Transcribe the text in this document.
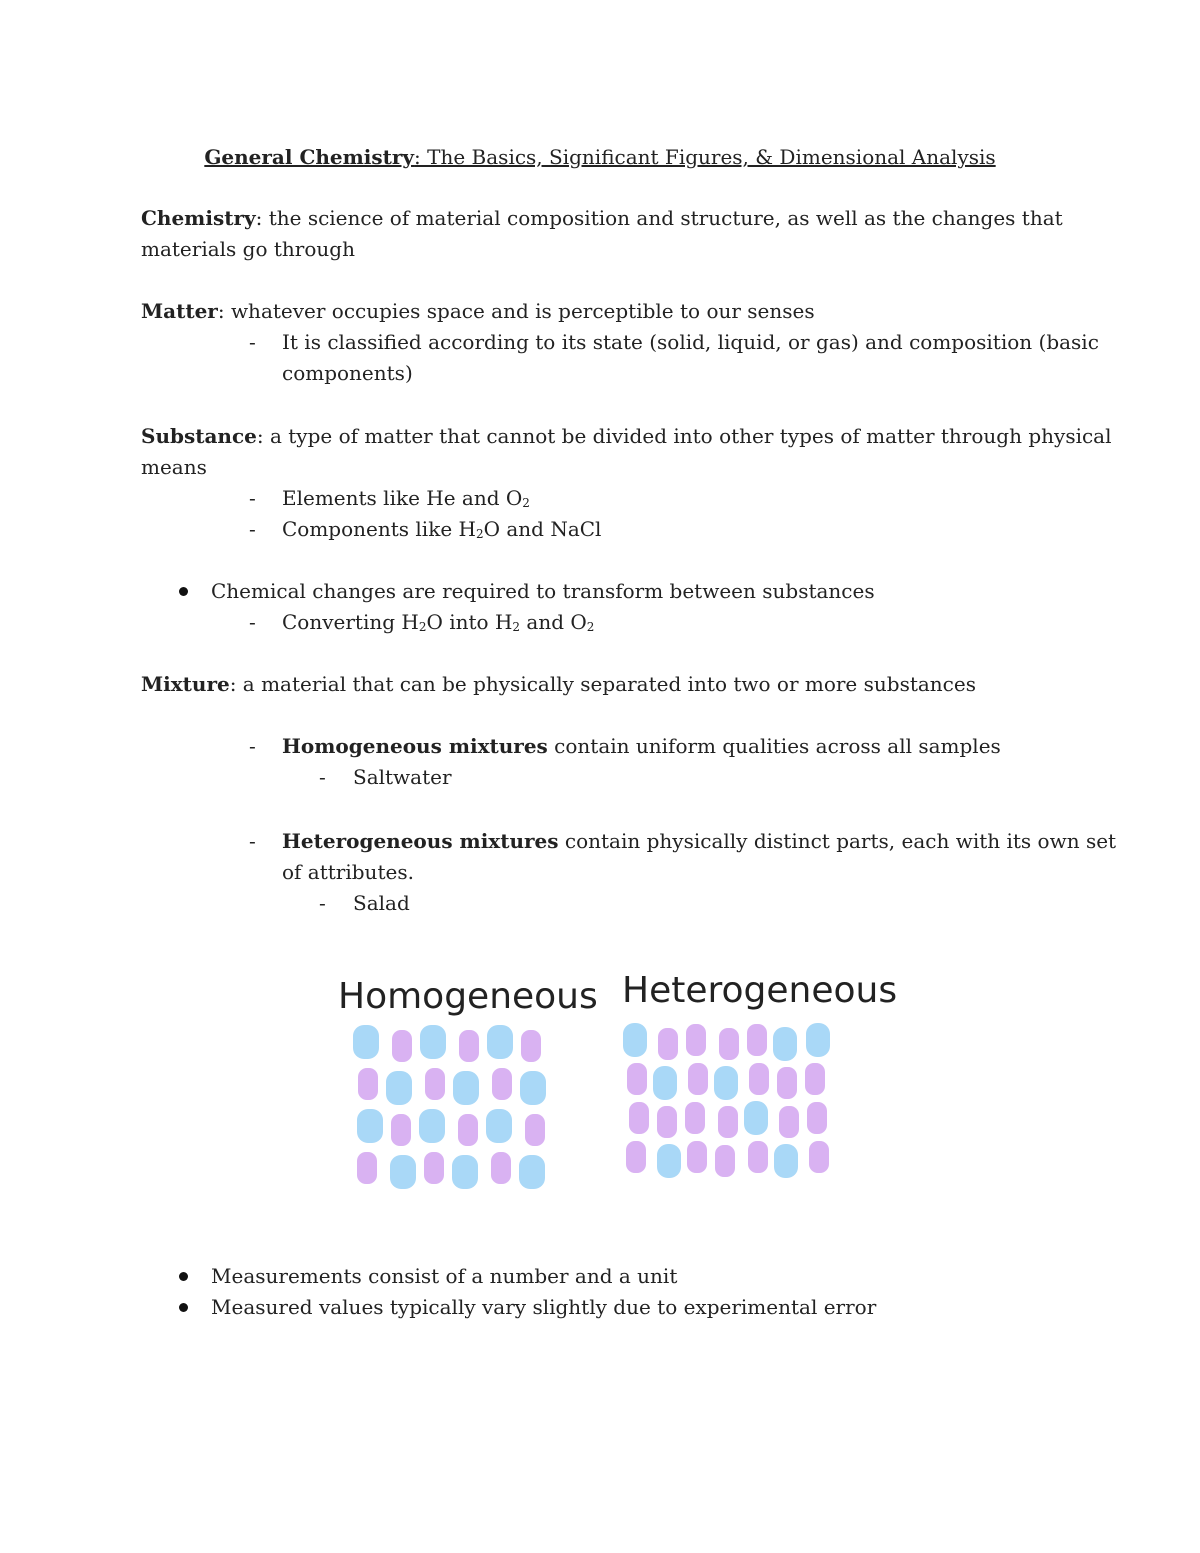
General Chemistry: The Basics, Significant Figures, & Dimensional Analysis
Chemistry: the science of material composition and structure, as well as the changes that
materials go through
Matter: whatever occupies space and is perceptible to our senses
- It is classified according to its state (solid, liquid, or gas) and composition (basic
components)
Substance: a type of matter that cannot be divided into other types of matter through physical
means
- Elements like He and $O_2$
- Components like $H_2O$ and NaCl
Chemical changes are required to transform between substances
- Converting $H_2O$ into $H_2$ and $O_2$
Mixture: a material that can be physically separated into two or more substances
- Homogeneous mixtures contain uniform qualities across all samples
- Saltwater
- Heterogeneous mixtures contain physically distinct parts, each with its own set
of attributes.
- Salad
Homogeneous Heterogeneous
Measurements consist of a number and a unit
Measured values typically vary slightly due to experimental error
